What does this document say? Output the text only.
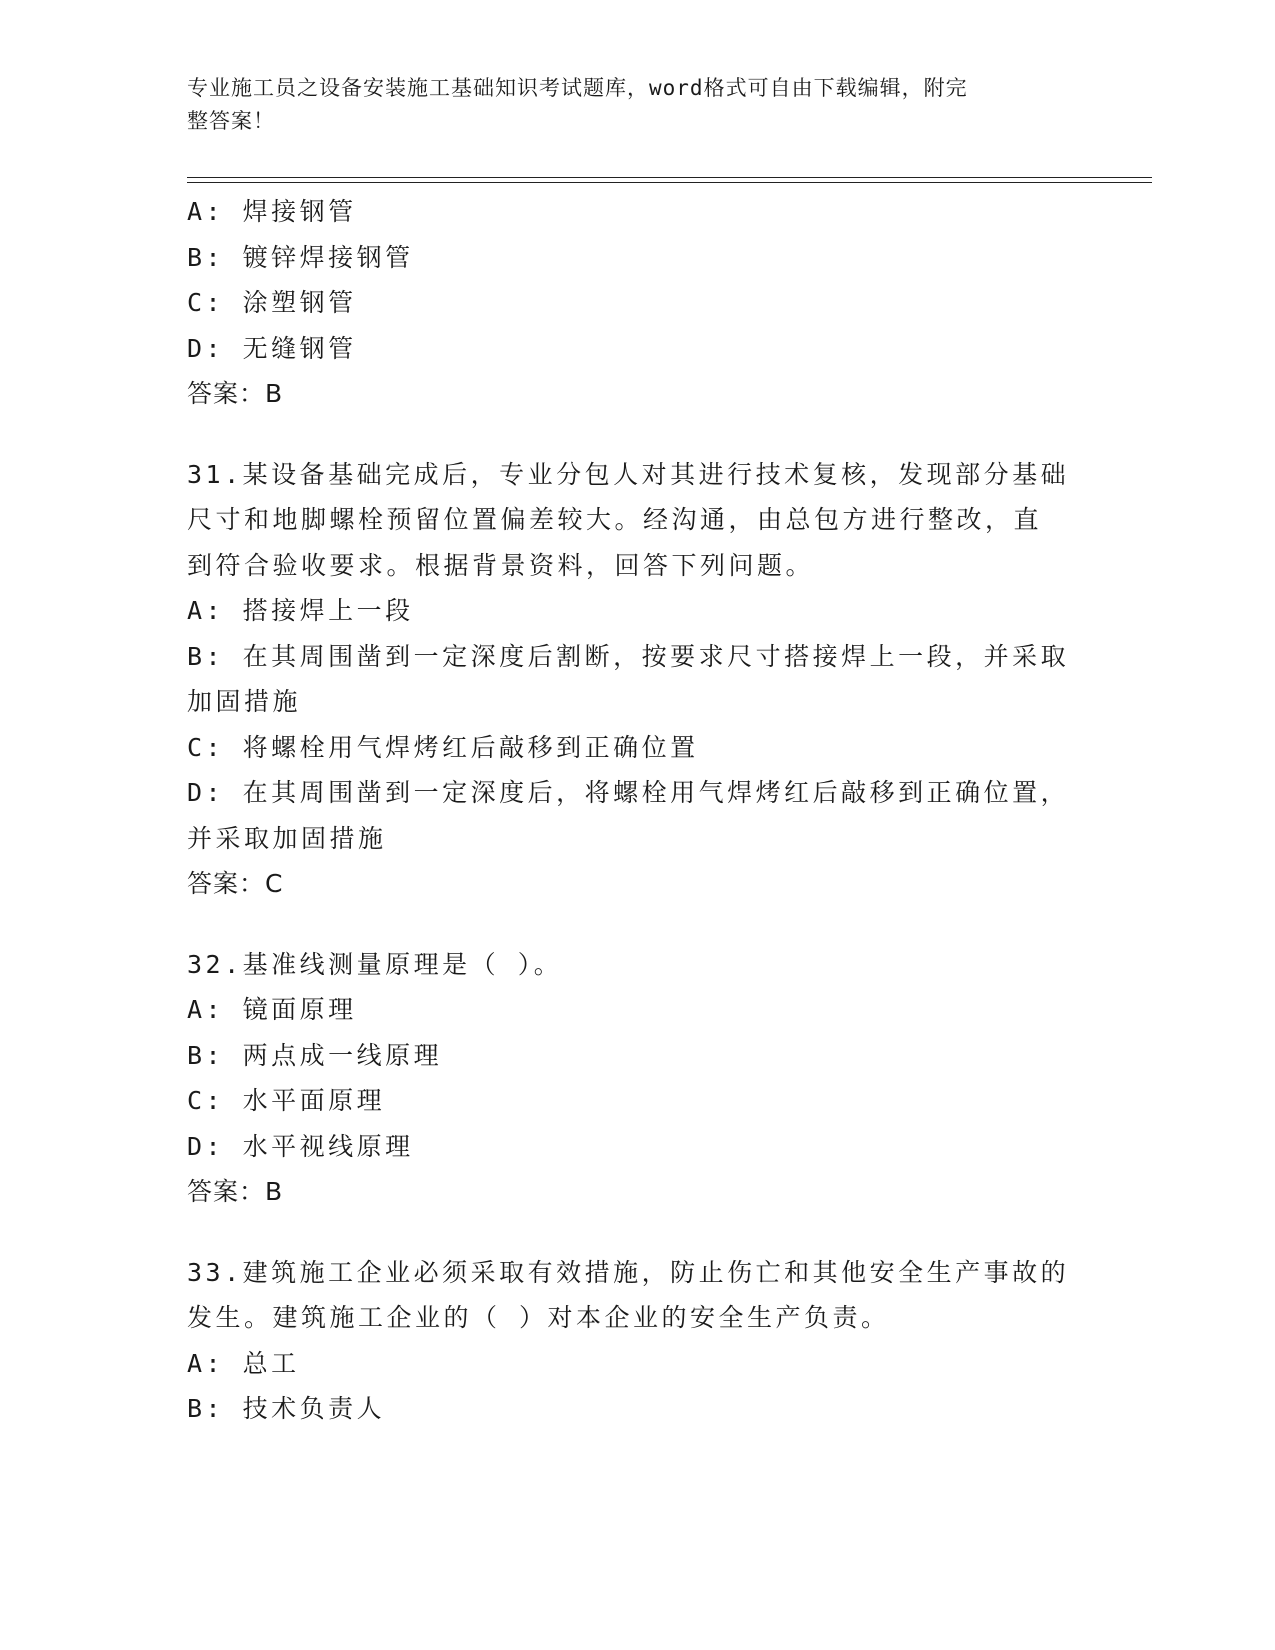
专业施工员之设备安装施工基础知识考试题库，word格式可自由下载编辑，附完
整答案！
A: 焊接钢管
B: 镀锌焊接钢管
C: 涂塑钢管
D: 无缝钢管
答案：B
31.某设备基础完成后，专业分包人对其进行技术复核，发现部分基础
尺寸和地脚螺栓预留位置偏差较大。经沟通，由总包方进行整改，直
到符合验收要求。根据背景资料，回答下列问题。
A: 搭接焊上一段
B: 在其周围凿到一定深度后割断，按要求尺寸搭接焊上一段，并采取
加固措施
C: 将螺栓用气焊烤红后敲移到正确位置
D: 在其周围凿到一定深度后，将螺栓用气焊烤红后敲移到正确位置，
并采取加固措施
答案：C
32.基准线测量原理是（ ）。
A: 镜面原理
B: 两点成一线原理
C: 水平面原理
D: 水平视线原理
答案：B
33.建筑施工企业必须采取有效措施，防止伤亡和其他安全生产事故的
发生。建筑施工企业的（ ）对本企业的安全生产负责。
A: 总工
B: 技术负责人
